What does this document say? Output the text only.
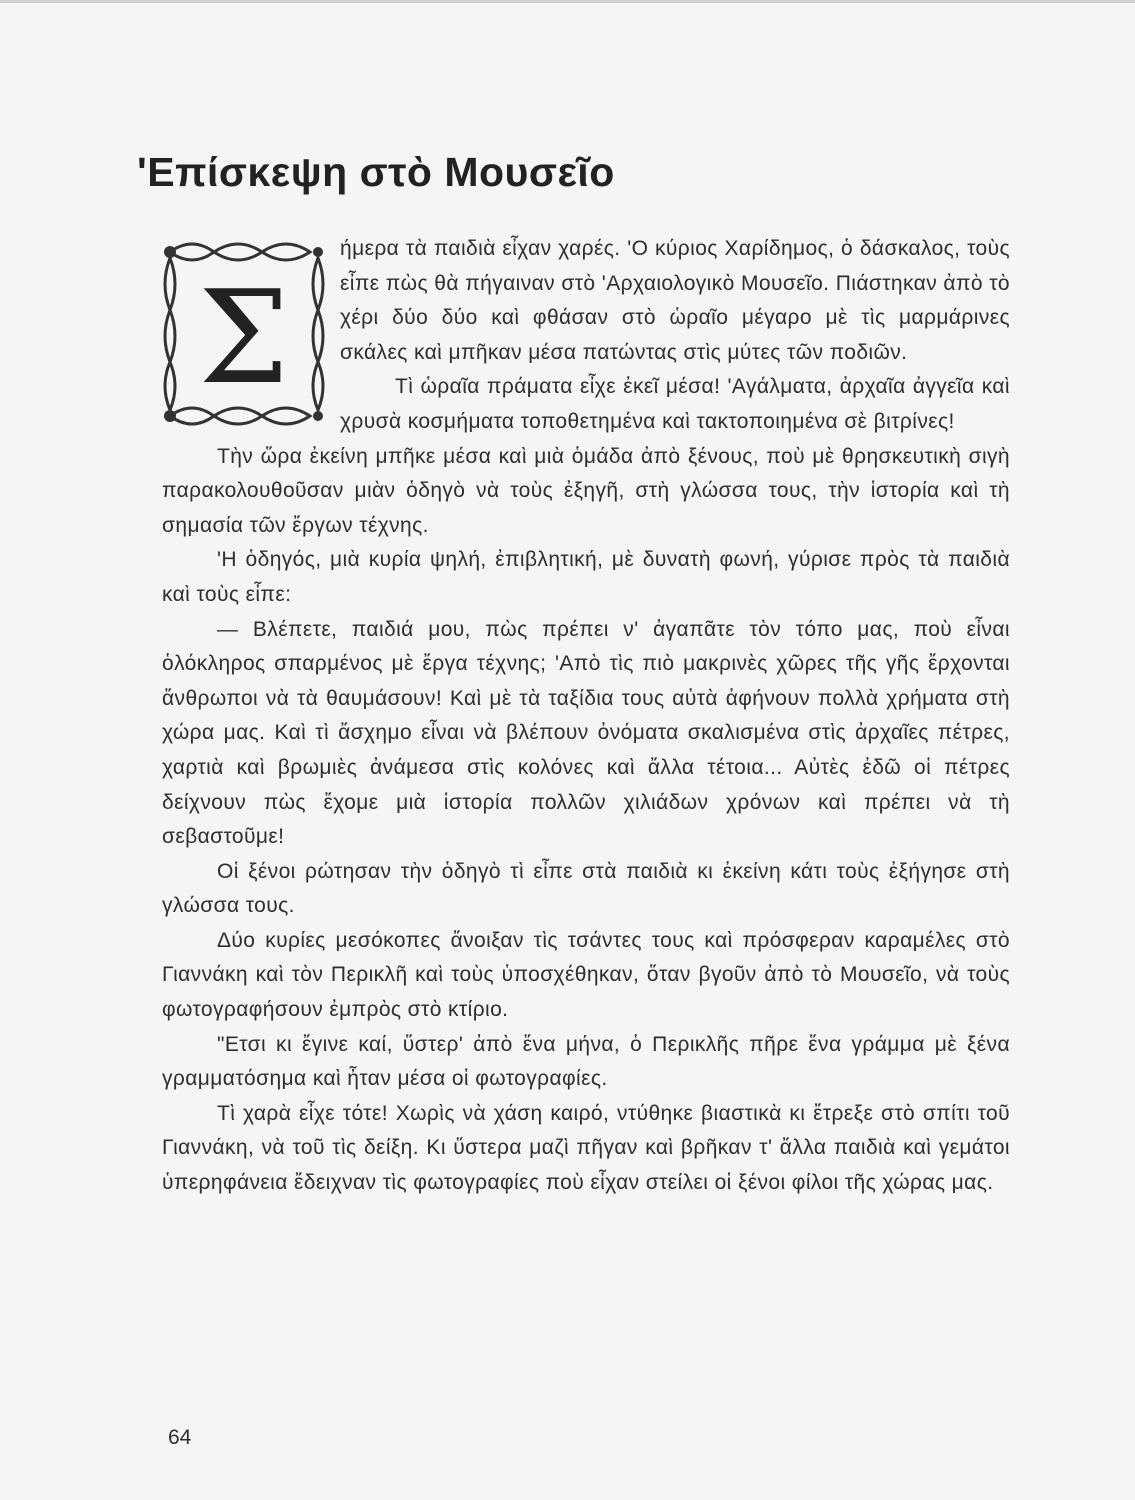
'Επίσκεψη στὸ Μουσεῖο
Σ

ήμερα τὰ παιδιὰ εἶχαν χαρές. 'Ο κύριος Χαρίδημος, ὁ δάσκαλος, τοὺς εἶπε πὼς θὰ πήγαιναν στὸ 'Αρχαιολογικὸ Μουσεῖο. Πιάστηκαν ἀπὸ τὸ χέρι δύο δύο καὶ φθάσαν στὸ ὡραῖο μέγαρο μὲ τὶς μαρμάρινες σκάλες καὶ μπῆκαν μέσα πατώντας στὶς μύτες τῶν ποδιῶν.

Τὶ ὡραῖα πράματα εἶχε ἐκεῖ μέσα! 'Αγάλματα, ἀρχαῖα ἀγγεῖα καὶ χρυσὰ κοσμήματα τοποθετημένα καὶ τακτοποιημένα σὲ βιτρίνες!

Τὴν ὥρα ἐκείνη μπῆκε μέσα καὶ μιὰ ὁμάδα ἀπὸ ξένους, ποὺ μὲ θρησκευτικὴ σιγὴ παρακολουθοῦσαν μιὰν ὁδηγὸ νὰ τοὺς ἐξηγῆ, στὴ γλώσσα τους, τὴν ἱστορία καὶ τὴ σημασία τῶν ἔργων τέχνης.

'Η ὁδηγός, μιὰ κυρία ψηλή, ἐπιβλητική, μὲ δυνατὴ φωνή, γύρισε πρὸς τὰ παιδιὰ καὶ τοὺς εἶπε:

— Βλέπετε, παιδιά μου, πὼς πρέπει ν' ἀγαπᾶτε τὸν τόπο μας, ποὺ εἶναι ὁλόκληρος σπαρμένος μὲ ἔργα τέχνης; 'Απὸ τὶς πιὸ μακρινὲς χῶρες τῆς γῆς ἔρχονται ἄνθρωποι νὰ τὰ θαυμάσουν! Καὶ μὲ τὰ ταξίδια τους αὐτὰ ἀφήνουν πολλὰ χρήματα στὴ χώρα μας. Καὶ τὶ ἄσχημο εἶναι νὰ βλέπουν ὀνόματα σκαλισμένα στὶς ἀρχαῖες πέτρες, χαρτιὰ καὶ βρωμιὲς ἀνάμεσα στὶς κολόνες καὶ ἄλλα τέτοια... Αὐτὲς ἐδῶ οἱ πέτρες δείχνουν πὼς ἔχομε μιὰ ἱστορία πολλῶν χιλιάδων χρόνων καὶ πρέπει νὰ τὴ σεβαστοῦμε!

Οἱ ξένοι ρώτησαν τὴν ὁδηγὸ τὶ εἶπε στὰ παιδιὰ κι ἐκείνη κάτι τοὺς ἐξήγησε στὴ γλώσσα τους.

Δύο κυρίες μεσόκοπες ἄνοιξαν τὶς τσάντες τους καὶ πρόσφεραν καραμέλες στὸ Γιαννάκη καὶ τὸν Περικλῆ καὶ τοὺς ὑποσχέθηκαν, ὅταν βγοῦν ἀπὸ τὸ Μουσεῖο, νὰ τοὺς φωτογραφήσουν ἐμπρὸς στὸ κτίριο.

"Ετσι κι ἔγινε καί, ὕστερ' ἀπὸ ἕνα μήνα, ὁ Περικλῆς πῆρε ἕνα γράμμα μὲ ξένα γραμματόσημα καὶ ἦταν μέσα οἱ φωτογραφίες.

Τὶ χαρὰ εἶχε τότε! Χωρὶς νὰ χάση καιρό, ντύθηκε βιαστικὰ κι ἔτρεξε στὸ σπίτι τοῦ Γιαννάκη, νὰ τοῦ τὶς δείξη. Κι ὕστερα μαζὶ πῆγαν καὶ βρῆκαν τ' ἄλλα παιδιὰ καὶ γεμάτοι ὑπερηφάνεια ἔδειχναν τὶς φωτογραφίες ποὺ εἶχαν στείλει οἱ ξένοι φίλοι τῆς χώρας μας.

64
